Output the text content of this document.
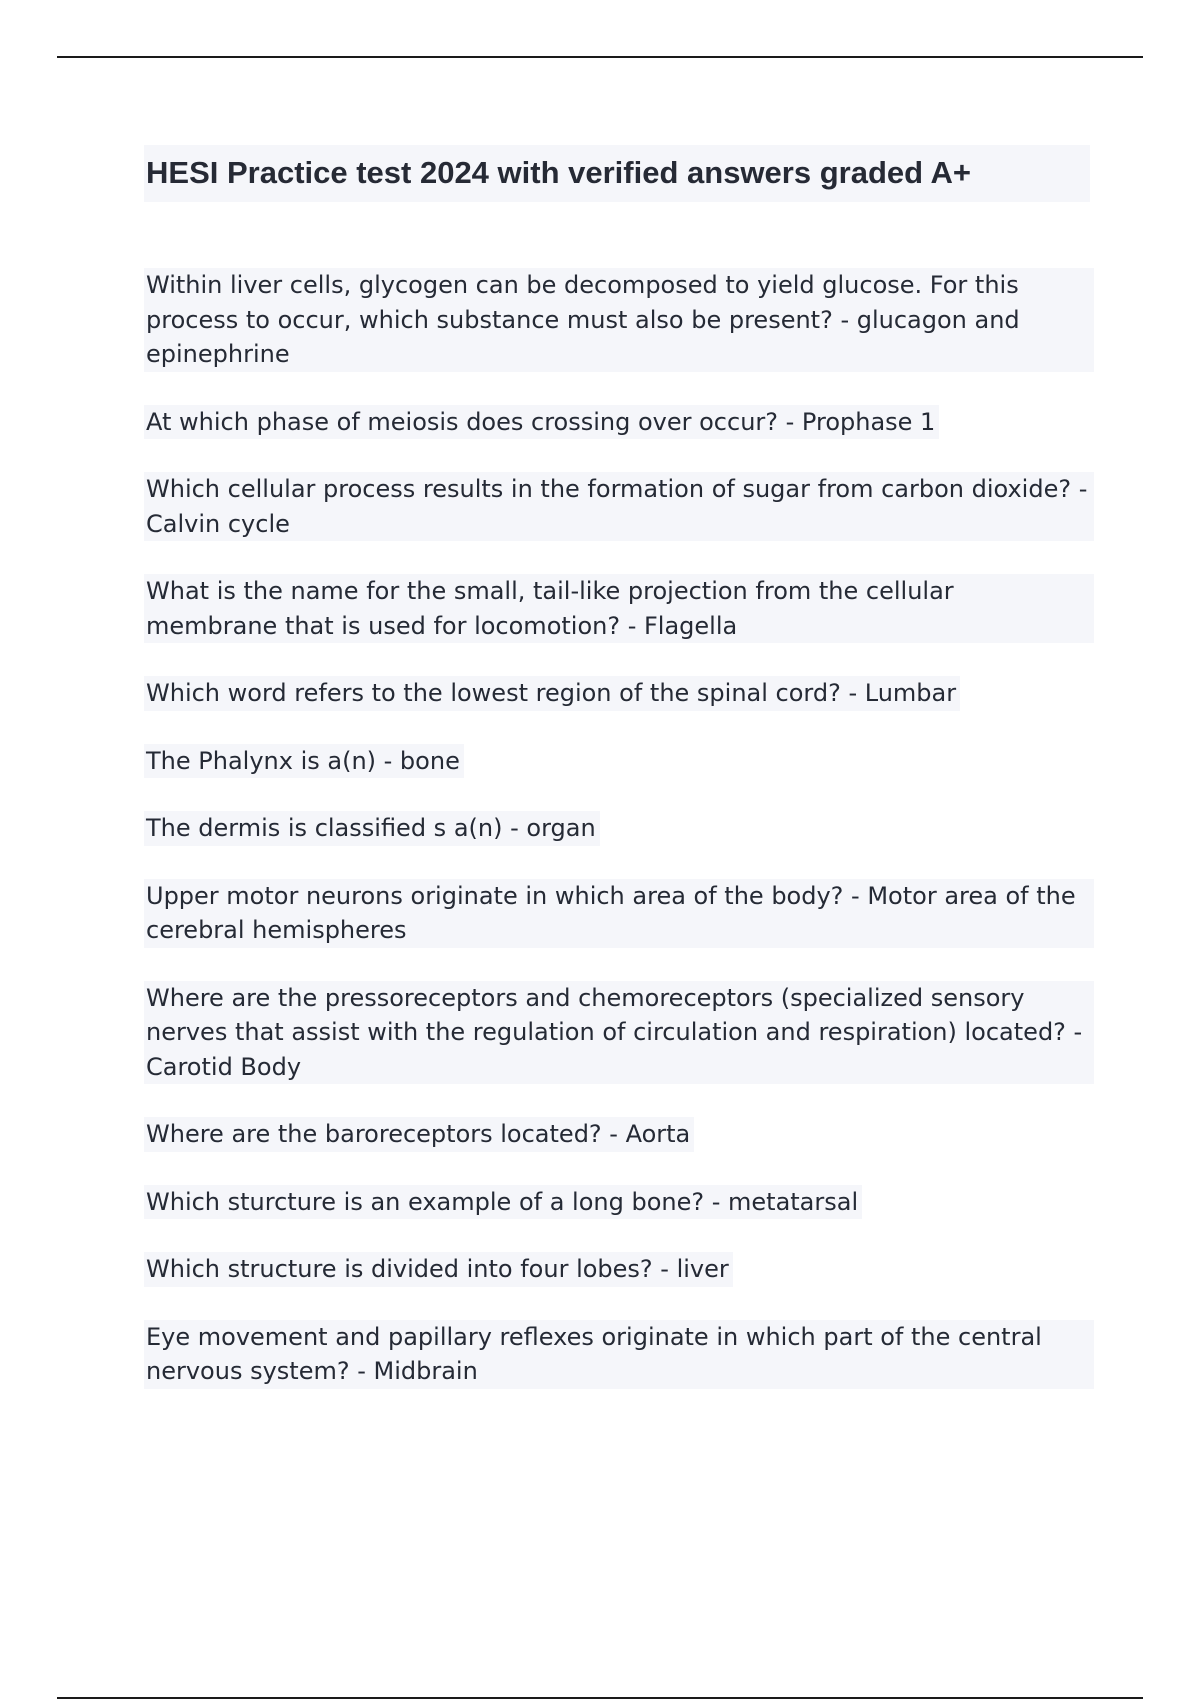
HESI Practice test 2024 with verified answers graded A+
Within liver cells, glycogen can be decomposed to yield glucose. For this process to occur, which substance must also be present? - glucagon and epinephrine
At which phase of meiosis does crossing over occur? - Prophase 1
Which cellular process results in the formation of sugar from carbon dioxide? - Calvin cycle
What is the name for the small, tail-like projection from the cellular membrane that is used for locomotion? - Flagella
Which word refers to the lowest region of the spinal cord? - Lumbar
The Phalynx is a(n) - bone
The dermis is classified s a(n) - organ
Upper motor neurons originate in which area of the body? - Motor area of the cerebral hemispheres
Where are the pressoreceptors and chemoreceptors (specialized sensory nerves that assist with the regulation of circulation and respiration) located? - Carotid Body
Where are the baroreceptors located? - Aorta
Which sturcture is an example of a long bone? - metatarsal
Which structure is divided into four lobes? - liver
Eye movement and papillary reflexes originate in which part of the central nervous system? - Midbrain
